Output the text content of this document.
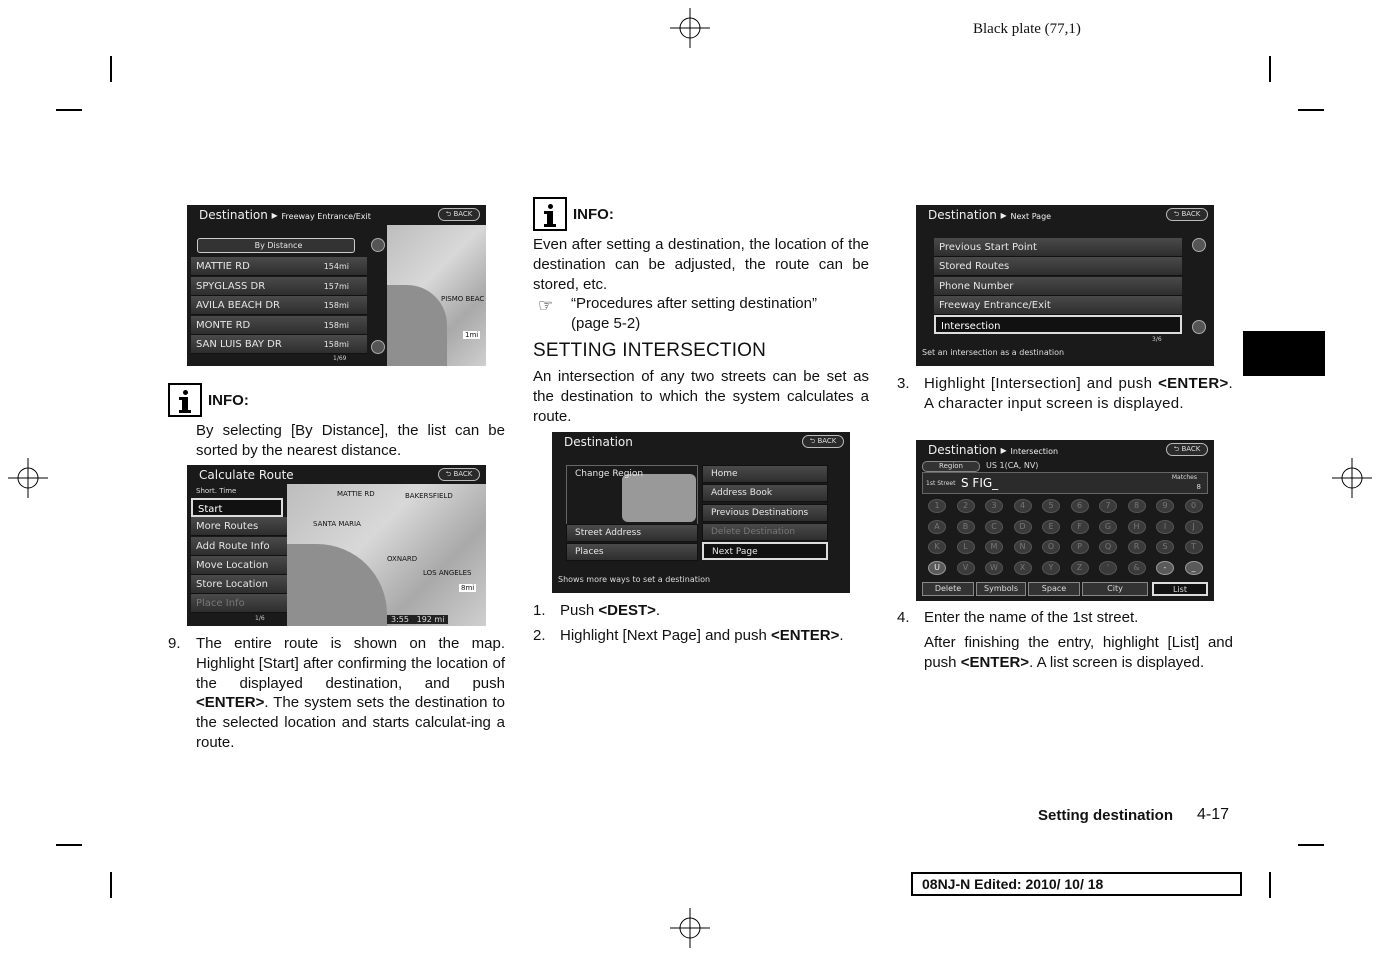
Black plate (77,1)
Destination ▸ Freeway Entrance/Exit	⮌ BACK
PISMO BEAC
1mi
By Distance
MATTIE RD	154mi
SPYGLASS DR	157mi
AVILA BEACH DR	158mi
MONTE RD	158mi
SAN LUIS BAY DR	158mi
1/69
INFO:
By selecting [By Distance], the list can be sorted by the nearest distance.
Calculate Route	⮌ BACK
MATTIE RD	BAKERSFIELD
SANTA MARIA
OXNARD
LOS ANGELES
8mi
Short. Time
Start
More Routes
Add Route Info
Move Location
Store Location
Place Info
1/6	3:55 192 mi
9. The entire route is shown on the map. Highlight [Start] after confirming the location of the displayed destination, and push <ENTER>. The system sets the destination to the selected location and starts calculat-ing a route.
INFO:
Even after setting a destination, the location of the destination can be adjusted, the route can be stored, etc.
☞ “Procedures after setting destination”
(page 5-2)
SETTING INTERSECTION
An intersection of any two streets can be set as the destination to which the system calculates a route.
Destination	⮌ BACK
Change Region
Street Address
Places
Home
Address Book
Previous Destinations
Delete Destination
Next Page
Shows more ways to set a destination
1. Push <DEST>.
2. Highlight [Next Page] and push <ENTER>.
Destination ▸ Next Page	⮌ BACK
Previous Start Point
Stored Routes
Phone Number
Freeway Entrance/Exit
Intersection
3/6
Set an intersection as a destination
3. Highlight [Intersection] and push <ENTER>. A character input screen is displayed.
Destination ▸ Intersection	⮌ BACK
Region	US 1(CA, NV)
1st Street S FIG_	Matches
8
1	2	3	4	5	6	7	8	9	0
A	B	C	D	E	F	G	H	I	J
K	L	M	N	O	P	Q	R	S	T
U	V	W	X	Y	Z	'	&	-	_
Delete	Symbols	Space	City	List
4. Enter the name of the 1st street.
After finishing the entry, highlight [List] and push <ENTER>. A list screen is displayed.
Setting destination 4-17
08NJ-N Edited: 2010/ 10/ 18
